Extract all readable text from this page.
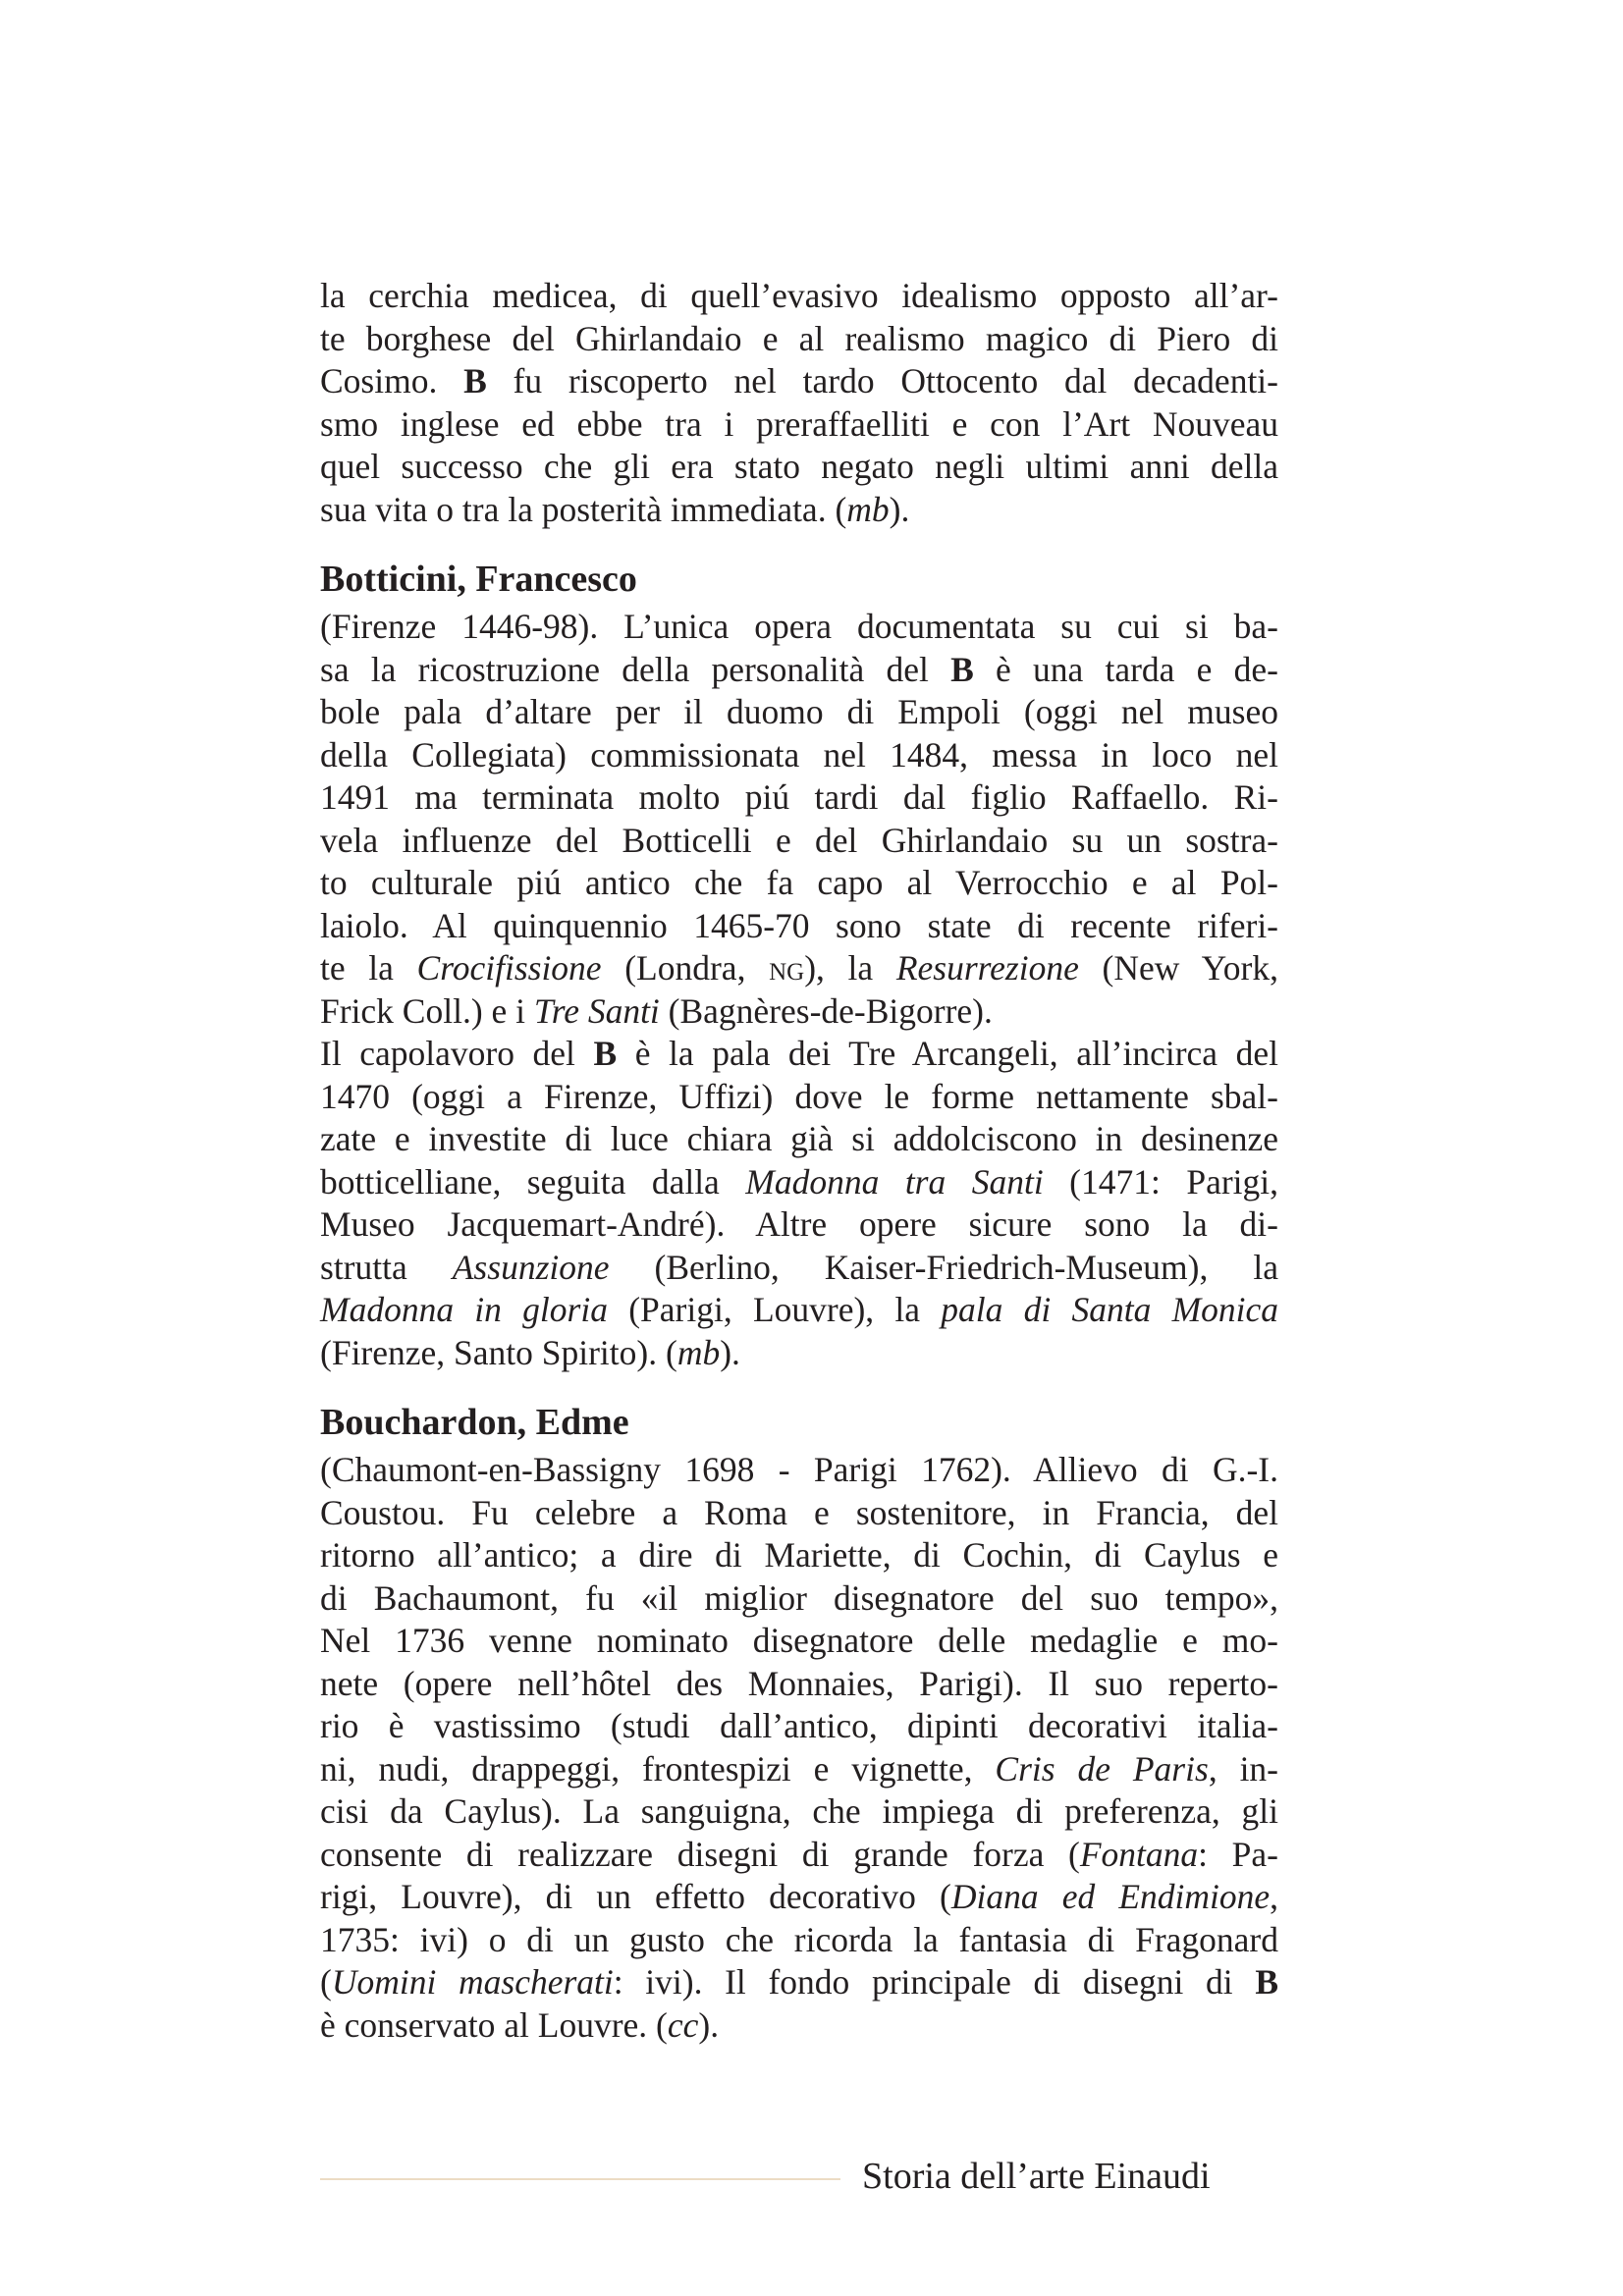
la cerchia medicea, di quell’evasivo idealismo opposto all’ar-
te borghese del Ghirlandaio e al realismo magico di Piero di
Cosimo. B fu riscoperto nel tardo Ottocento dal decadenti-
smo inglese ed ebbe tra i preraffaelliti e con l’Art Nouveau
quel successo che gli era stato negato negli ultimi anni della
sua vita o tra la posterità immediata. (mb).
Botticini, Francesco
(Firenze 1446-98). L’unica opera documentata su cui si ba-
sa la ricostruzione della personalità del B è una tarda e de-
bole pala d’altare per il duomo di Empoli (oggi nel museo
della Collegiata) commissionata nel 1484, messa in loco nel
1491 ma terminata molto piú tardi dal figlio Raffaello. Ri-
vela influenze del Botticelli e del Ghirlandaio su un sostra-
to culturale piú antico che fa capo al Verrocchio e al Pol-
laiolo. Al quinquennio 1465-70 sono state di recente riferi-
te la Crocifissione (Londra, ng), la Resurrezione (New York,
Frick Coll.) e i Tre Santi (Bagnères-de-Bigorre).
Il capolavoro del B è la pala dei Tre Arcangeli, all’incirca del
1470 (oggi a Firenze, Uffizi) dove le forme nettamente sbal-
zate e investite di luce chiara già si addolciscono in desinenze
botticelliane, seguita dalla Madonna tra Santi (1471: Parigi,
Museo Jacquemart-André). Altre opere sicure sono la di-
strutta Assunzione (Berlino, Kaiser-Friedrich-Museum), la
Madonna in gloria (Parigi, Louvre), la pala di Santa Monica
(Firenze, Santo Spirito). (mb).
Bouchardon, Edme
(Chaumont-en-Bassigny 1698 - Parigi 1762). Allievo di G.-I.
Coustou. Fu celebre a Roma e sostenitore, in Francia, del
ritorno all’antico; a dire di Mariette, di Cochin, di Caylus e
di Bachaumont, fu «il miglior disegnatore del suo tempo»,
Nel 1736 venne nominato disegnatore delle medaglie e mo-
nete (opere nell’hôtel des Monnaies, Parigi). Il suo reperto-
rio è vastissimo (studi dall’antico, dipinti decorativi italia-
ni, nudi, drappeggi, frontespizi e vignette, Cris de Paris, in-
cisi da Caylus). La sanguigna, che impiega di preferenza, gli
consente di realizzare disegni di grande forza (Fontana: Pa-
rigi, Louvre), di un effetto decorativo (Diana ed Endimione,
1735: ivi) o di un gusto che ricorda la fantasia di Fragonard
(Uomini mascherati: ivi). Il fondo principale di disegni di B
è conservato al Louvre. (cc).
Storia dell’arte Einaudi
